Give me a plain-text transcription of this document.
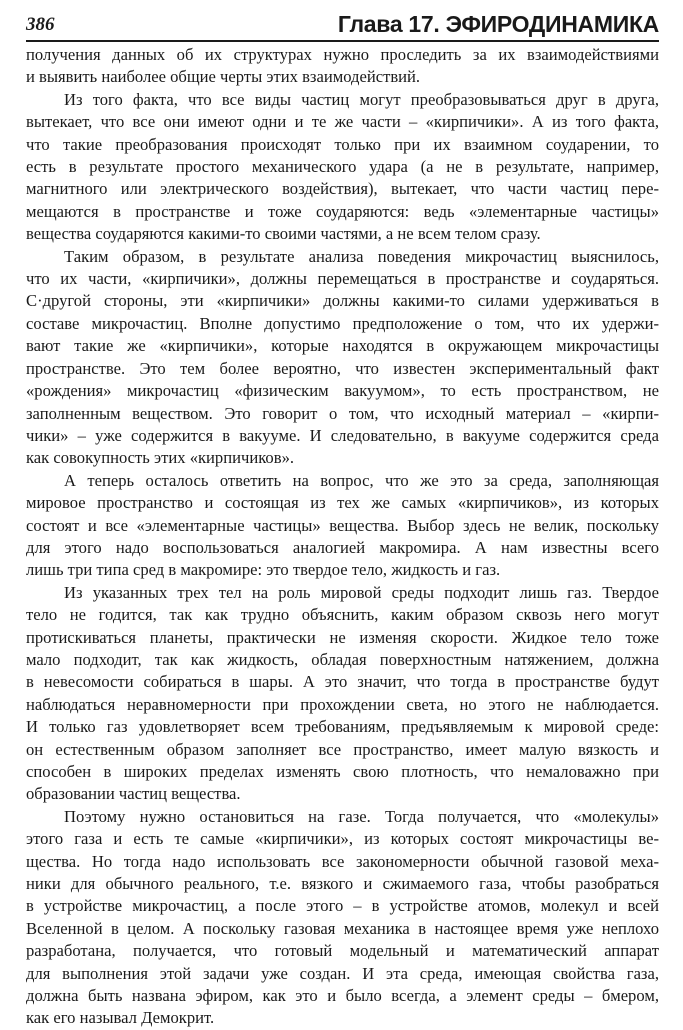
386	Глава 17. ЭФИРОДИНАМИКА
получения данных об их структурах нужно проследить за их взаимодействиями
и выявить наиболее общие черты этих взаимодействий.
Из того факта, что все виды частиц могут преобразовываться друг в друга,
вытекает, что все они имеют одни и те же части – «кирпичики». А из того факта,
что такие преобразования происходят только при их взаимном соударении, то
есть в результате простого механического удара (а не в результате, например,
магнитного или электрического воздействия), вытекает, что части частиц пере-
мещаются в пространстве и тоже соударяются: ведь «элементарные частицы»
вещества соударяются какими-то своими частями, а не всем телом сразу.
Таким образом, в результате анализа поведения микрочастиц выяснилось,
что их части, «кирпичики», должны перемещаться в пространстве и соударяться.
С·другой стороны, эти «кирпичики» должны какими-то силами удерживаться в
составе микрочастиц. Вполне допустимо предположение о том, что их удержи-
вают такие же «кирпичики», которые находятся в окружающем микрочастицы
пространстве. Это тем более вероятно, что известен экспериментальный факт
«рождения» микрочастиц «физическим вакуумом», то есть пространством, не
заполненным веществом. Это говорит о том, что исходный материал – «кирпи-
чики» – уже содержится в вакууме. И следовательно, в вакууме содержится среда
как совокупность этих «кирпичиков».
А теперь осталось ответить на вопрос, что же это за среда, заполняющая
мировое пространство и состоящая из тех же самых «кирпичиков», из которых
состоят и все «элементарные частицы» вещества. Выбор здесь не велик, поскольку
для этого надо воспользоваться аналогией макромира. А нам известны всего
лишь три типа сред в макромире: это твердое тело, жидкость и газ.
Из указанных трех тел на роль мировой среды подходит лишь газ. Твердое
тело не годится, так как трудно объяснить, каким образом сквозь него могут
протискиваться планеты, практически не изменяя скорости. Жидкое тело тоже
мало подходит, так как жидкость, обладая поверхностным натяжением, должна
в невесомости собираться в шары. А это значит, что тогда в пространстве будут
наблюдаться неравномерности при прохождении света, но этого не наблюдается.
И только газ удовлетворяет всем требованиям, предъявляемым к мировой среде:
он естественным образом заполняет все пространство, имеет малую вязкость и
способен в широких пределах изменять свою плотность, что немаловажно при
образовании частиц вещества.
Поэтому нужно остановиться на газе. Тогда получается, что «молекулы»
этого газа и есть те самые «кирпичики», из которых состоят микрочастицы ве-
щества. Но тогда надо использовать все закономерности обычной газовой меха-
ники для обычного реального, т.е. вязкого и сжимаемого газа, чтобы разобраться
в устройстве микрочастиц, а после этого – в устройстве атомов, молекул и всей
Вселенной в целом. А поскольку газовая механика в настоящее время уже неплохо
разработана, получается, что готовый модельный и математический аппарат
для выполнения этой задачи уже создан. И эта среда, имеющая свойства газа,
должна быть названа эфиром, как это и было всегда, а элемент среды – бмером,
как его называл Демокрит.
